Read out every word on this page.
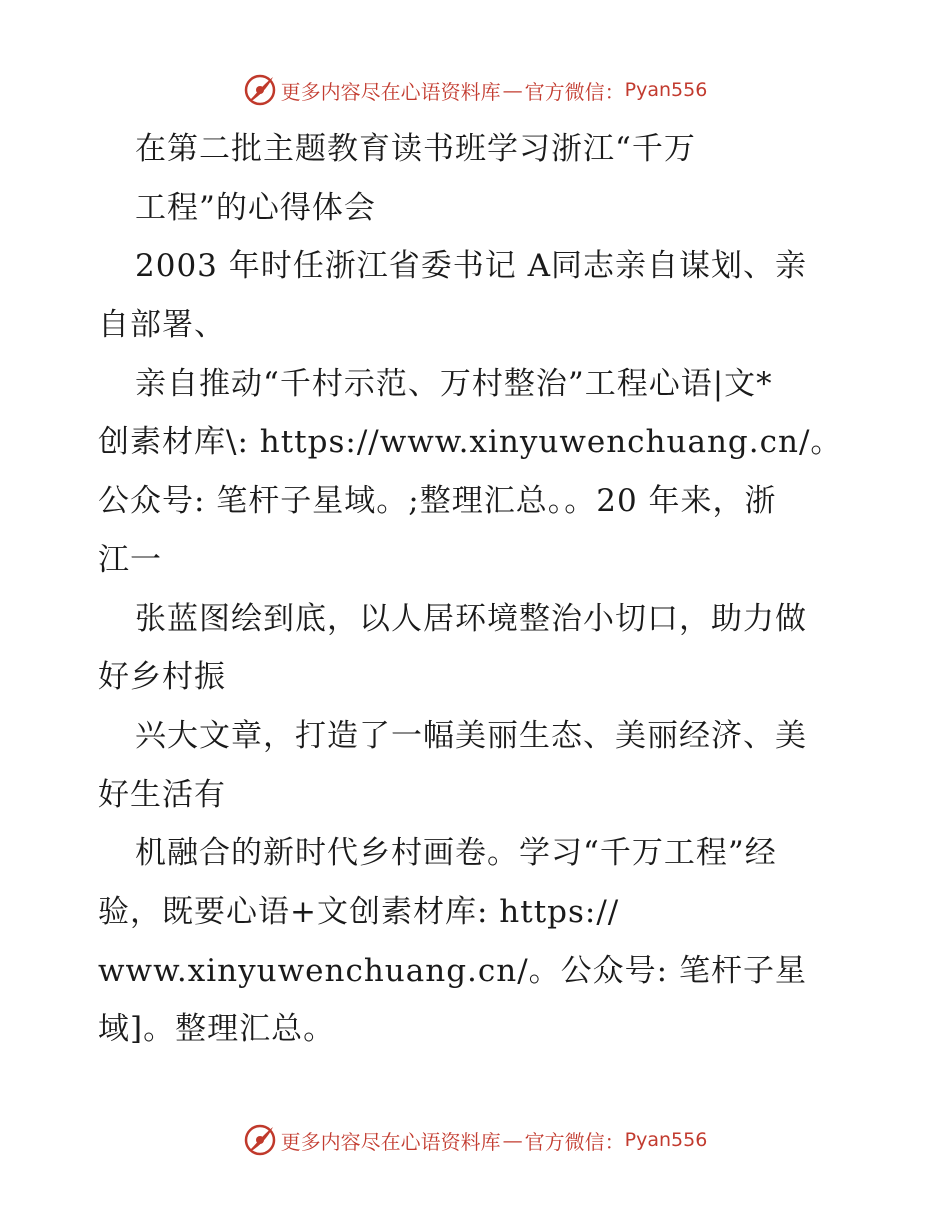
更多内容尽在心语资料库 — 官方微信： Pyan556
在第二批主题教育读书班学习浙江“千万
工程”的心得体会
2003 年时任浙江省委书记 A同志亲自谋划、亲
自部署、
亲自推动“千村示范、万村整治”工程心语|文*
创素材库\: https://www.xinyuwenchuang.cn/。
公众号: 笔杆子星域。;整理汇总。。20 年来，浙
江一
张蓝图绘到底，以人居环境整治小切口，助力做
好乡村振
兴大文章，打造了一幅美丽生态、美丽经济、美
好生活有
机融合的新时代乡村画卷。学习“千万工程”经
验，既要心语+文创素材库: https://
www.xinyuwenchuang.cn/。公众号: 笔杆子星
域]。整理汇总。
更多内容尽在心语资料库 — 官方微信： Pyan556
